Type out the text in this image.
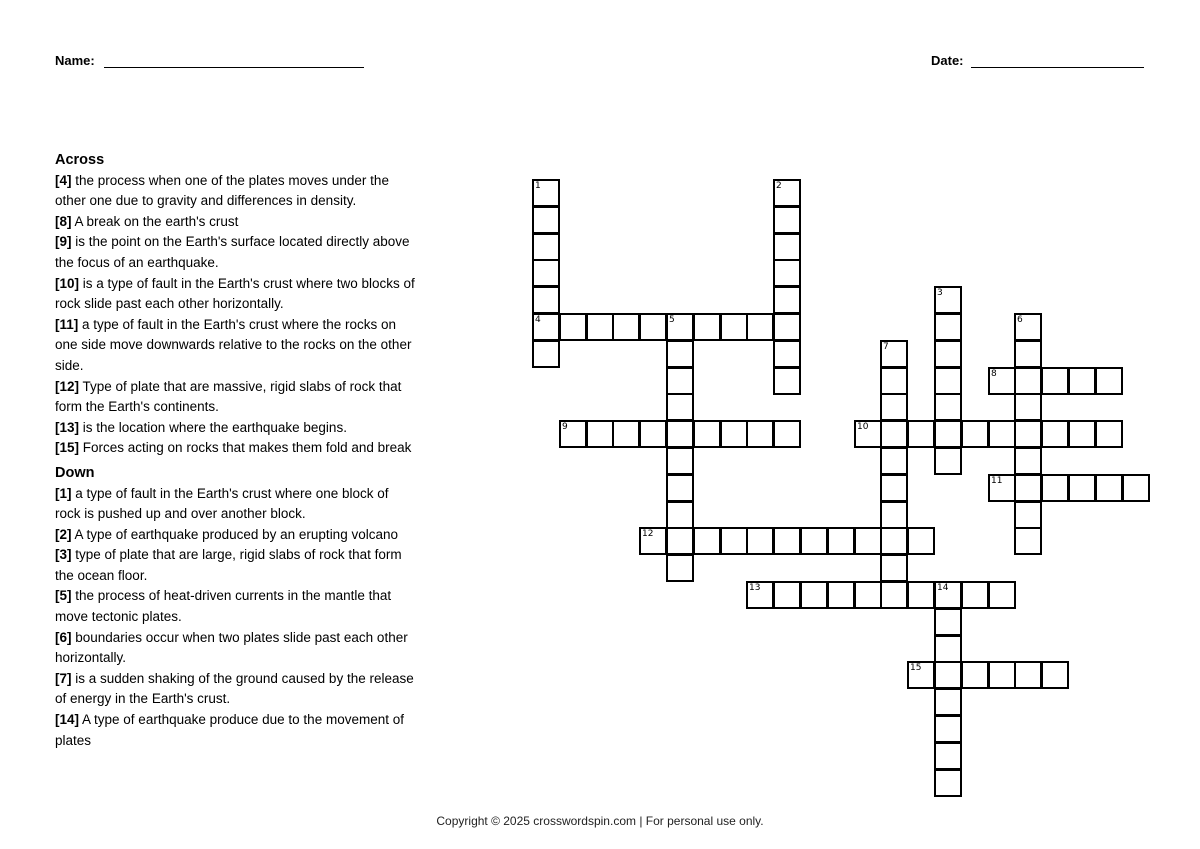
Name:	Date:

Across

[4] the process when one of the plates moves under the other one due to gravity and differences in density.

[8] A break on the earth's crust

[9] is the point on the Earth's surface located directly above the focus of an earthquake.

[10] is a type of fault in the Earth's crust where two blocks of rock slide past each other horizontally.

[11] a type of fault in the Earth's crust where the rocks on one side move downwards relative to the rocks on the other side.

[12] Type of plate that are massive, rigid slabs of rock that form the Earth's continents.

[13] is the location where the earthquake begins.

[15] Forces acting on rocks that makes them fold and break

Down

[1] a type of fault in the Earth's crust where one block of rock is pushed up and over another block.

[2] A type of earthquake produced by an erupting volcano

[3] type of plate that are large, rigid slabs of rock that form the ocean floor.

[5] the process of heat-driven currents in the mantle that move tectonic plates.

[6] boundaries occur when two plates slide past each other horizontally.

[7] is a sudden shaking of the ground caused by the release of energy in the Earth's crust.

[14] A type of earthquake produce due to the movement of plates

1
4
2
3
5	6
7
8
9	10
11
12
13	14
15
Copyright © 2025 crosswordspin.com | For personal use only.
